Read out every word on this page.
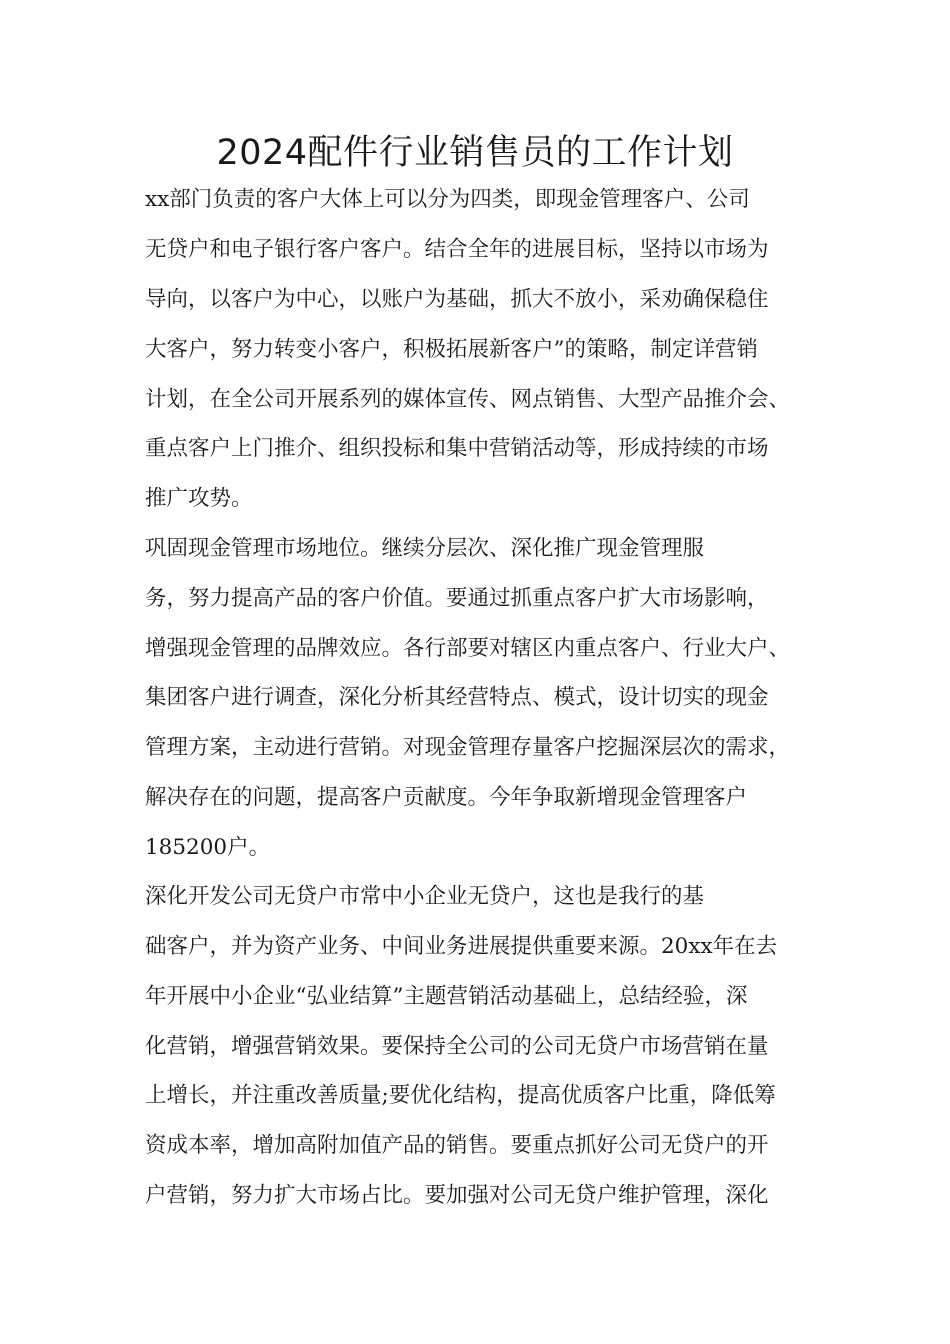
2024配件行业销售员的工作计划

xx部门负责的客户大体上可以分为四类，即现金管理客户、公司

无贷户和电子银行客户客户。结合全年的进展目标，坚持以市场为

导向，以客户为中心，以账户为基础，抓大不放小，采劝确保稳住

大客户，努力转变小客户，积极拓展新客户”的策略，制定详营销

计划，在全公司开展系列的媒体宣传、网点销售、大型产品推介会、

重点客户上门推介、组织投标和集中营销活动等，形成持续的市场

推广攻势。

巩固现金管理市场地位。继续分层次、深化推广现金管理服

务，努力提高产品的客户价值。要通过抓重点客户扩大市场影响，

增强现金管理的品牌效应。各行部要对辖区内重点客户、行业大户、

集团客户进行调查，深化分析其经营特点、模式，设计切实的现金

管理方案，主动进行营销。对现金管理存量客户挖掘深层次的需求，

解决存在的问题，提高客户贡献度。今年争取新增现金管理客户

185200户。

深化开发公司无贷户市常中小企业无贷户，这也是我行的基

础客户，并为资产业务、中间业务进展提供重要来源。20xx年在去

年开展中小企业“弘业结算”主题营销活动基础上，总结经验，深

化营销，增强营销效果。要保持全公司的公司无贷户市场营销在量

上增长，并注重改善质量;要优化结构，提高优质客户比重，降低筹

资成本率，增加高附加值产品的销售。要重点抓好公司无贷户的开

户营销，努力扩大市场占比。要加强对公司无贷户维护管理，深化
